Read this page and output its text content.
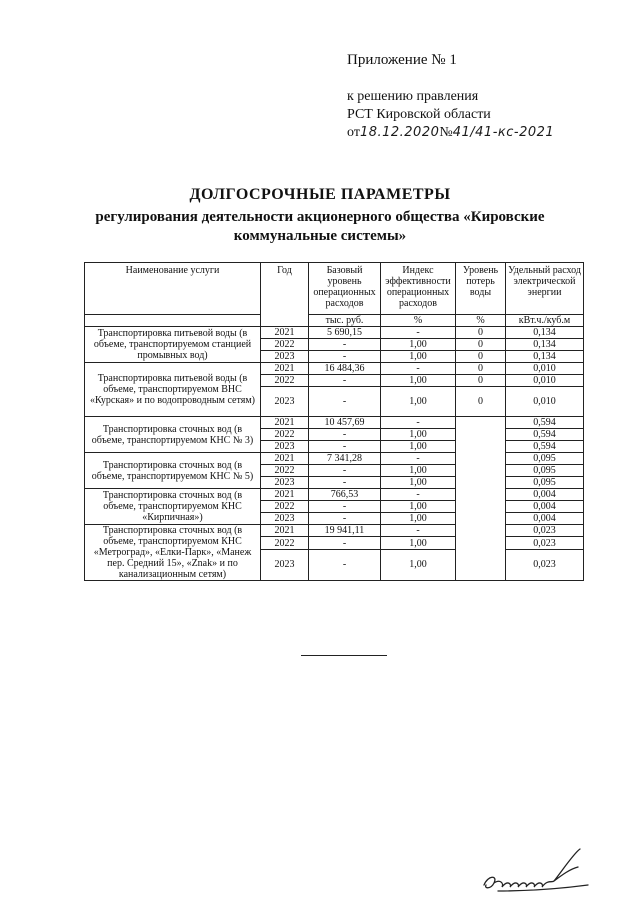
Приложение № 1
к решению правления
РСТ Кировской области
от18.12.2020№41/41-кс-2021
ДОЛГОСРОЧНЫЕ ПАРАМЕТРЫ
регулирования деятельности акционерного общества «Кировские коммунальные системы»
Наименование услуги	Год	Базовый уровень операционных расходов	Индекс эффективности операционных расходов	Уровень потерь воды	Удельный расход электрической энергии
		тыс. руб.	%	%	кВт.ч./куб.м
Транспортировка питьевой воды (в объеме, транспортируемом станцией промывных вод)	2021	5 690,15	-	0	0,134
	2022	-	1,00	0	0,134
	2023	-	1,00	0	0,134
Транспортировка питьевой воды (в объеме, транспортируемом ВНС «Курская» и по водопроводным сетям)	2021	16 484,36	-	0	0,010
	2022	-	1,00	0	0,010
	2023	-	1,00	0	0,010
Транспортировка сточных вод (в объеме, транспортируемом КНС № 3)	2021	10 457,69	-		0,594
	2022	-	1,00		0,594
	2023	-	1,00		0,594
Транспортировка сточных вод (в объеме, транспортируемом КНС № 5)	2021	7 341,28	-		0,095
	2022	-	1,00		0,095
	2023	-	1,00		0,095
Транспортировка сточных вод (в объеме, транспортируемом КНС «Кирпичная»)	2021	766,53	-		0,004
	2022	-	1,00		0,004
	2023	-	1,00		0,004
Транспортировка сточных вод (в объеме, транспортируемом КНС «Метроград», «Елки-Парк», «Манеж пер. Средний 15», «Znak» и по канализационным сетям)	2021	19 941,11	-		0,023
	2022	-	1,00		0,023
	2023	-	1,00		0,023
